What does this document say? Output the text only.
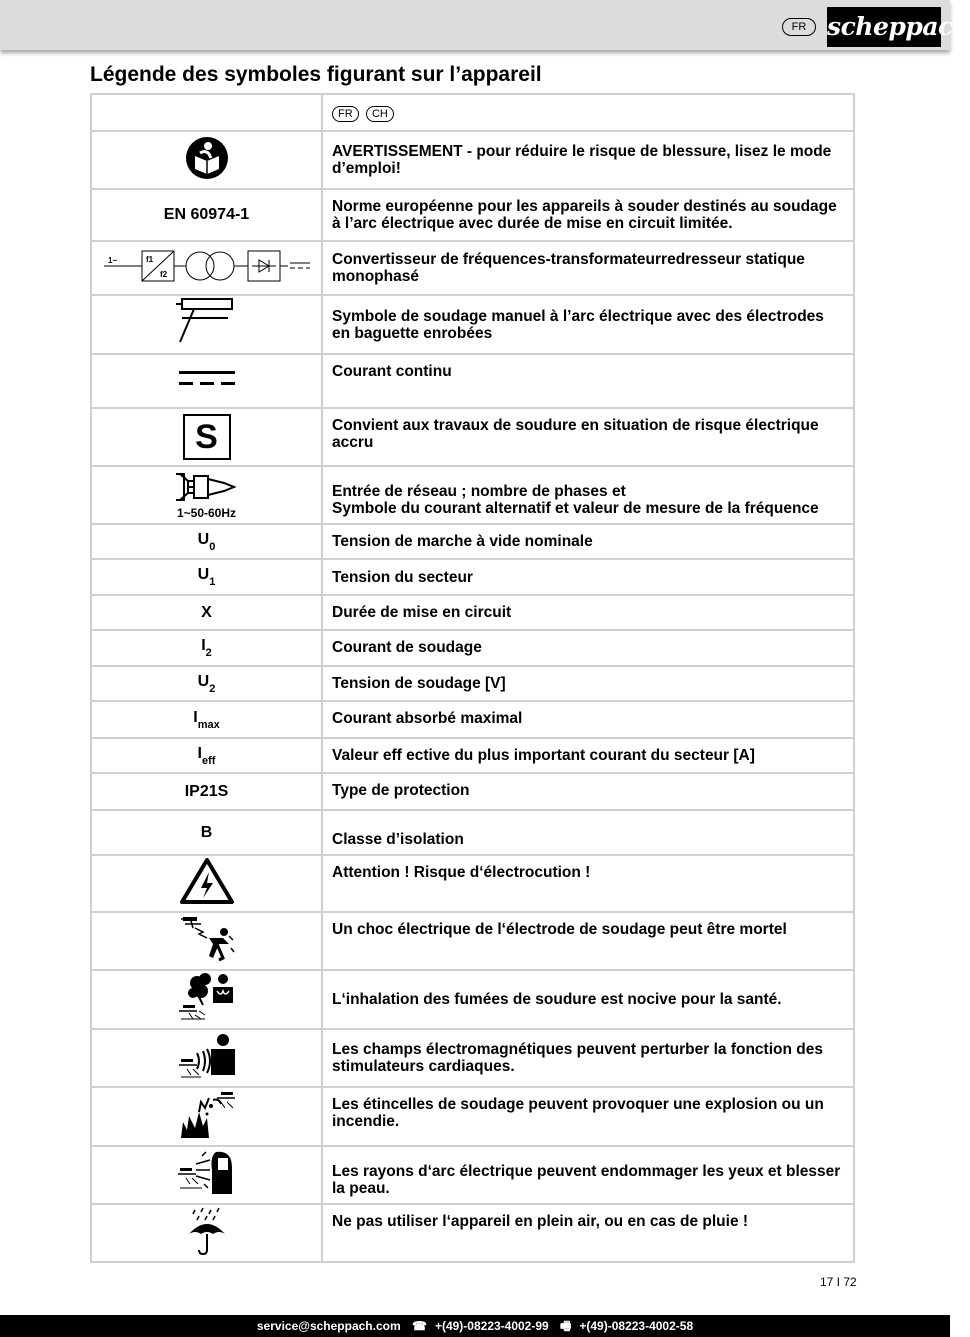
FR scheppach
Légende des symboles figurant sur l’appareil
	FR CH
	AVERTISSEMENT - pour réduire le risque de blessure, lisez le mode d’emploi!
EN 60974-1	Norme européenne pour les appareils à souder destinés au soudage à l’arc électrique avec durée de mise en circuit limitée.

1~ f1
f2	Convertisseur de fréquences-transformateurredresseur statique monophasé
	Symbole de soudage manuel à l’arc électrique avec des électrodes en baguette enrobées
	Courant continu
S	Convient aux travaux de soudure en situation de risque électrique accru

1~50-60Hz	Entrée de réseau ; nombre de phases et
Symbole du courant alternatif et valeur de mesure de la fréquence

$U_0$	Tension de marche à vide nominale
$U_1$	Tension du secteur
X	Durée de mise en circuit
$I_2$	Courant de soudage
$U_2$	Tension de soudage [V]
$I_{max}$	Courant absorbé maximal
$I_{eff}$	Valeur eff ective du plus important courant du secteur [A]
IP21S	Type de protection
B	Classe d’isolation
	Attention ! Risque d‘électrocution !
	Un choc électrique de l‘électrode de soudage peut être mortel
	L‘inhalation des fumées de soudure est nocive pour la santé.
	Les champs électromagnétiques peuvent perturber la fonction des stimulateurs cardiaques.
	Les étincelles de soudage peuvent provoquer une explosion ou un incendie.
	Les rayons d‘arc électrique peuvent endommager les yeux et blesser la peau.
	Ne pas utiliser l‘appareil en plein air, ou en cas de pluie !
17 I 72
service@scheppach.com ☎ +(49)-08223-4002-99 🖷 +(49)-08223-4002-58
